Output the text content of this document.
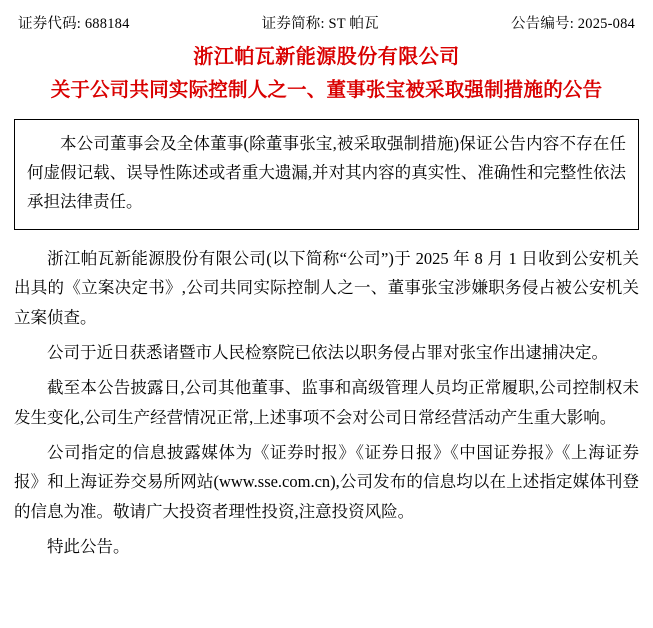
证券代码: 688184	证券简称: ST 帕瓦	公告编号: 2025-084
浙江帕瓦新能源股份有限公司
关于公司共同实际控制人之一、董事张宝被采取强制措施的公告

本公司董事会及全体董事(除董事张宝,被采取强制措施)保证公告内容不存在任何虚假记载、误导性陈述或者重大遗漏,并对其内容的真实性、准确性和完整性依法承担法律责任。

浙江帕瓦新能源股份有限公司(以下简称“公司”)于 2025 年 8 月 1 日收到公安机关出具的《立案决定书》,公司共同实际控制人之一、董事张宝涉嫌职务侵占被公安机关立案侦查。

公司于近日获悉诸暨市人民检察院已依法以职务侵占罪对张宝作出逮捕决定。

截至本公告披露日,公司其他董事、监事和高级管理人员均正常履职,公司控制权未发生变化,公司生产经营情况正常,上述事项不会对公司日常经营活动产生重大影响。

公司指定的信息披露媒体为《证券时报》《证券日报》《中国证券报》《上海证券报》和上海证券交易所网站(www.sse.com.cn),公司发布的信息均以在上述指定媒体刊登的信息为准。敬请广大投资者理性投资,注意投资风险。

特此公告。
